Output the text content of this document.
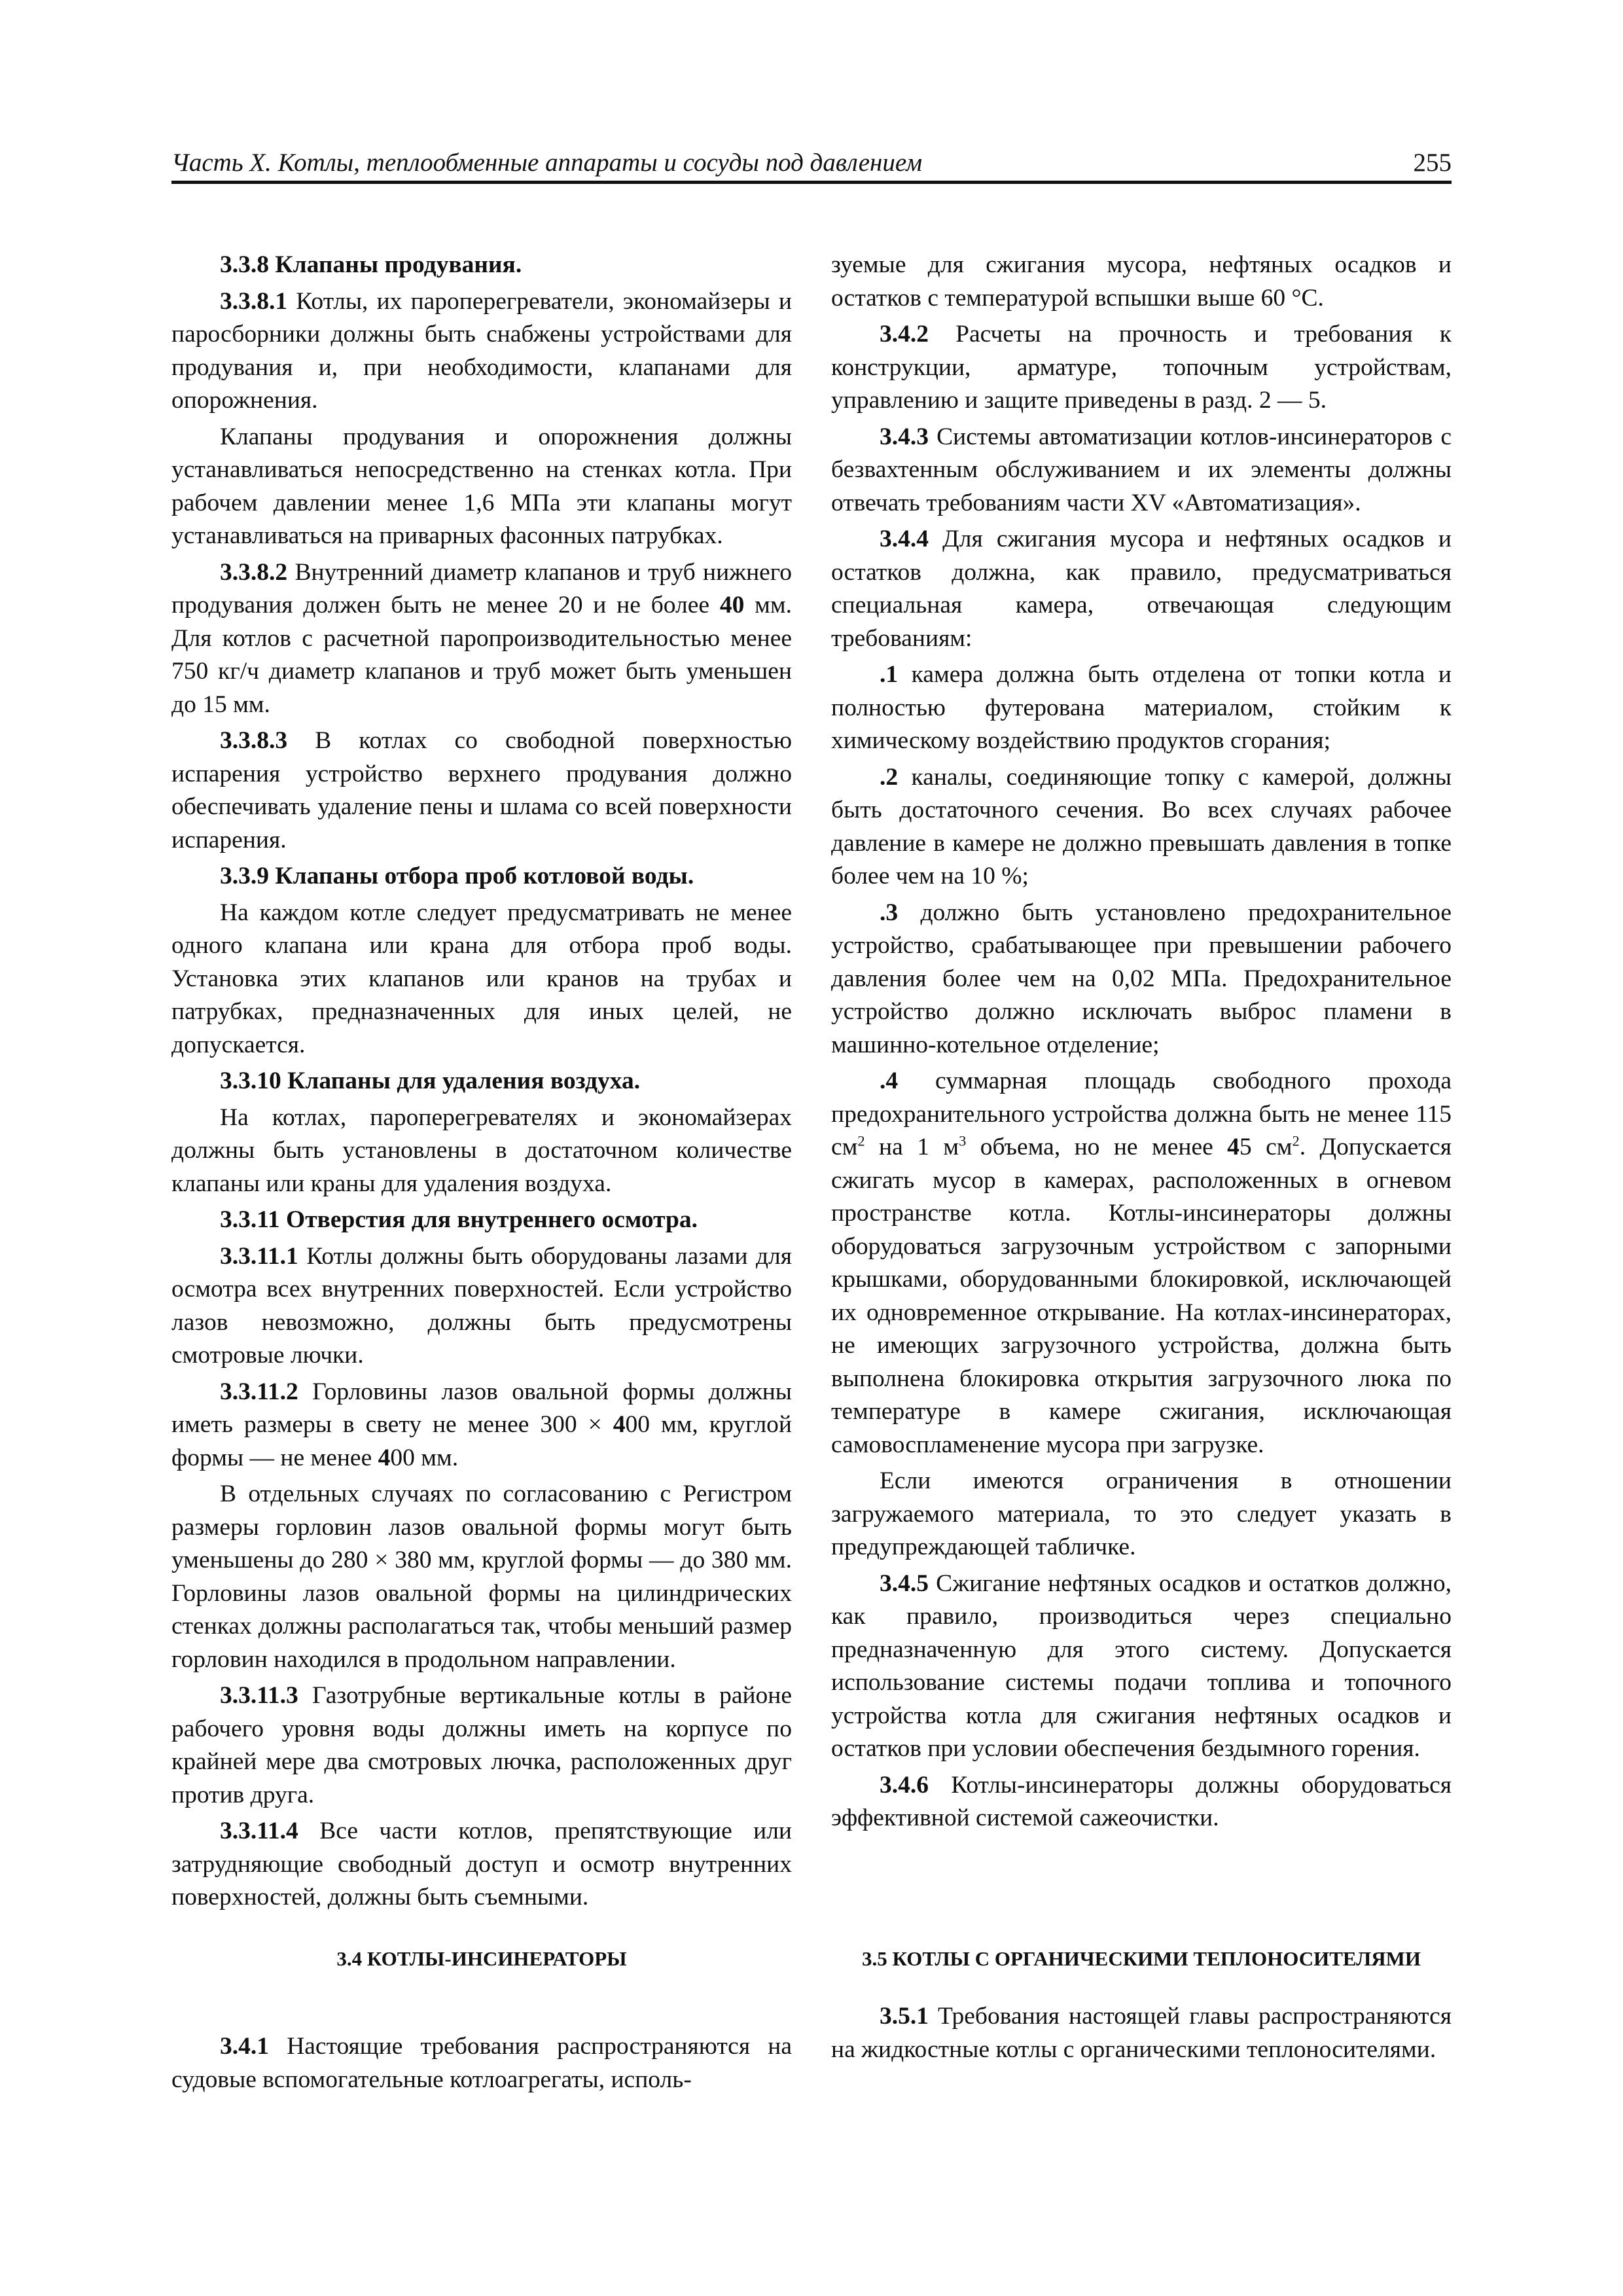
Часть X. Котлы, теплообменные аппараты и сосуды под давлением	255

3.3.8 Клапаны продувания.

3.3.8.1 Котлы, их пароперегреватели, экономайзеры и паросборники должны быть снабжены устройствами для продувания и, при необходимости, клапанами для опорожнения.

Клапаны продувания и опорожнения должны устанавливаться непосредственно на стенках котла. При рабочем давлении менее 1,6 МПа эти клапаны могут устанавливаться на приварных фасонных патрубках.

3.3.8.2 Внутренний диаметр клапанов и труб нижнего продувания должен быть не менее 20 и не более 40 мм. Для котлов с расчетной паропроизводительностью менее 750 кг/ч диаметр клапанов и труб может быть уменьшен до 15 мм.

3.3.8.3 В котлах со свободной поверхностью испарения устройство верхнего продувания должно обеспечивать удаление пены и шлама со всей поверхности испарения.

3.3.9 Клапаны отбора проб котловой воды.

На каждом котле следует предусматривать не менее одного клапана или крана для отбора проб воды. Установка этих клапанов или кранов на трубах и патрубках, предназначенных для иных целей, не допускается.

3.3.10 Клапаны для удаления воздуха.

На котлах, пароперегревателях и экономайзерах должны быть установлены в достаточном количестве клапаны или краны для удаления воздуха.

3.3.11 Отверстия для внутреннего осмотра.

3.3.11.1 Котлы должны быть оборудованы лазами для осмотра всех внутренних поверхностей. Если устройство лазов невозможно, должны быть предусмотрены смотровые лючки.

3.3.11.2 Горловины лазов овальной формы должны иметь размеры в свету не менее 300 × 400 мм, круглой формы — не менее 400 мм.

В отдельных случаях по согласованию с Регистром размеры горловин лазов овальной формы могут быть уменьшены до 280 × 380 мм, круглой формы — до 380 мм. Горловины лазов овальной формы на цилиндрических стенках должны располагаться так, чтобы меньший размер горловин находился в продольном направлении.

3.3.11.3 Газотрубные вертикальные котлы в районе рабочего уровня воды должны иметь на корпусе по крайней мере два смотровых лючка, расположенных друг против друга.

3.3.11.4 Все части котлов, препятствующие или затрудняющие свободный доступ и осмотр внутренних поверхностей, должны быть съемными.

зуемые для сжигания мусора, нефтяных осадков и остатков с температурой вспышки выше 60 °С.

3.4.2 Расчеты на прочность и требования к конструкции, арматуре, топочным устройствам, управлению и защите приведены в разд. 2 — 5.

3.4.3 Системы автоматизации котлов-инсинераторов с безвахтенным обслуживанием и их элементы должны отвечать требованиям части XV «Автоматизация».

3.4.4 Для сжигания мусора и нефтяных осадков и остатков должна, как правило, предусматриваться специальная камера, отвечающая следующим требованиям:

.1 камера должна быть отделена от топки котла и полностью футерована материалом, стойким к химическому воздействию продуктов сгорания;

.2 каналы, соединяющие топку с камерой, должны быть достаточного сечения. Во всех случаях рабочее давление в камере не должно превышать давления в топке более чем на 10 %;

.3 должно быть установлено предохранительное устройство, срабатывающее при превышении рабочего давления более чем на 0,02 МПа. Предохранительное устройство должно исключать выброс пламени в машинно-котельное отделение;

.4 суммарная площадь свободного прохода предохранительного устройства должна быть не менее 115 $см^2$ на 1 $м^3$ объема, но не менее 45 $см^2$. Допускается сжигать мусор в камерах, расположенных в огневом пространстве котла. Котлы-инсинераторы должны оборудоваться загрузочным устройством с запорными крышками, оборудованными блокировкой, исключающей их одновременное открывание. На котлах-инсинераторах, не имеющих загрузочного устройства, должна быть выполнена блокировка открытия загрузочного люка по температуре в камере сжигания, исключающая самовоспламенение мусора при загрузке.

Если имеются ограничения в отношении загружаемого материала, то это следует указать в предупреждающей табличке.

3.4.5 Сжигание нефтяных осадков и остатков должно, как правило, производиться через специально предназначенную для этого систему. Допускается использование системы подачи топлива и топочного устройства котла для сжигания нефтяных осадков и остатков при условии обеспечения бездымного горения.

3.4.6 Котлы-инсинераторы должны оборудоваться эффективной системой сажеочистки.

3.4 КОТЛЫ-ИНСИНЕРАТОРЫ

3.4.1 Настоящие требования распространяются на судовые вспомогательные котлоагрегаты, исполь-

3.5 КОТЛЫ С ОРГАНИЧЕСКИМИ ТЕПЛОНОСИТЕЛЯМИ

3.5.1 Требования настоящей главы распространяются на жидкостные котлы с органическими теплоносителями.
